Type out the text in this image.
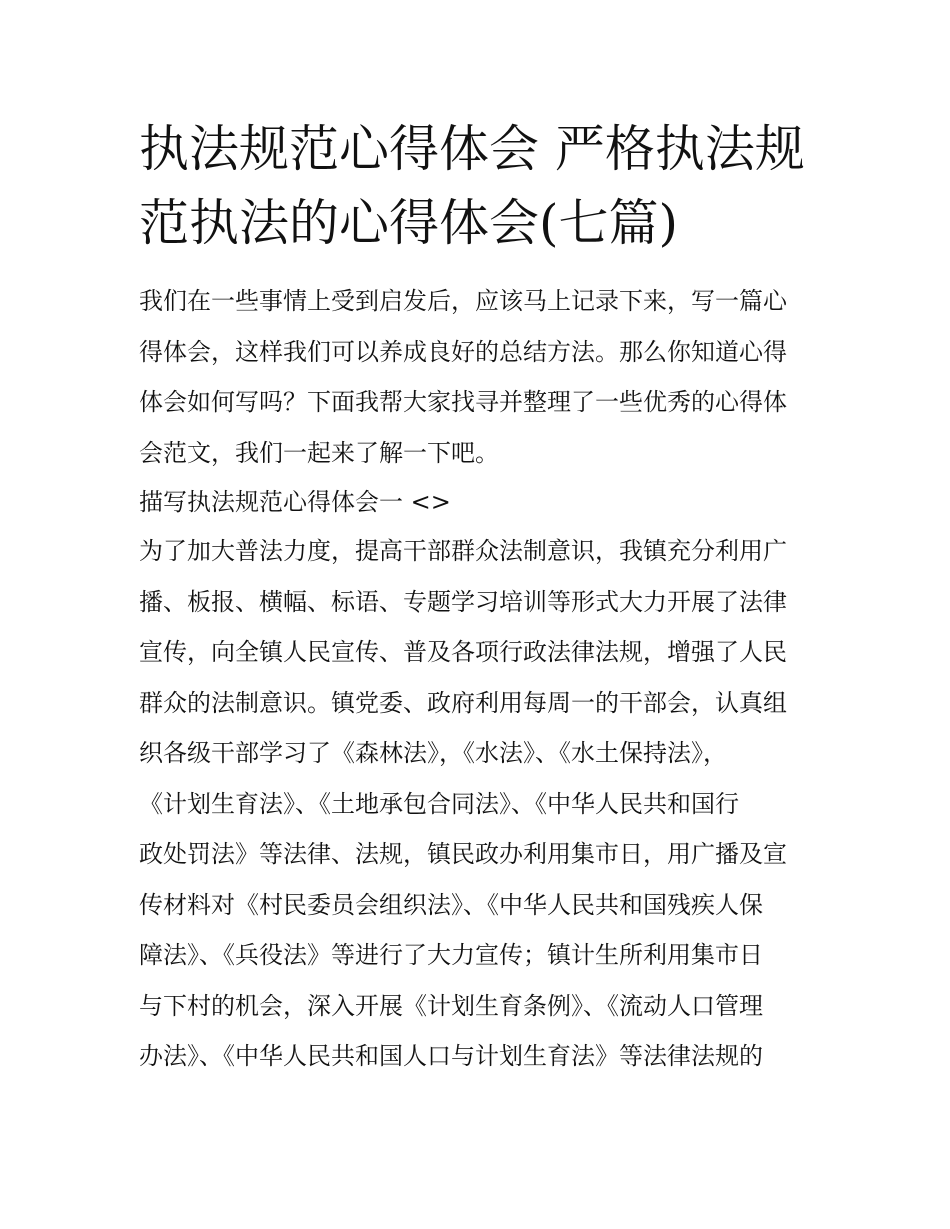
执法规范心得体会 严格执法规
范执法的心得体会(七篇)
我们在一些事情上受到启发后，应该马上记录下来，写一篇心
得体会，这样我们可以养成良好的总结方法。那么你知道心得
体会如何写吗？下面我帮大家找寻并整理了一些优秀的心得体
会范文，我们一起来了解一下吧。
描写执法规范心得体会一 <>
为了加大普法力度，提高干部群众法制意识，我镇充分利用广
播、板报、横幅、标语、专题学习培训等形式大力开展了法律
宣传，向全镇人民宣传、普及各项行政法律法规，增强了人民
群众的法制意识。镇党委、政府利用每周一的干部会，认真组
织各级干部学习了《森林法》，《水法》、《水土保持法》，
《计划生育法》、《土地承包合同法》、《中华人民共和国行
政处罚法》等法律、法规，镇民政办利用集市日，用广播及宣
传材料对《村民委员会组织法》、《中华人民共和国残疾人保
障法》、《兵役法》等进行了大力宣传；镇计生所利用集市日
与下村的机会，深入开展《计划生育条例》、《流动人口管理
办法》、《中华人民共和国人口与计划生育法》等法律法规的
